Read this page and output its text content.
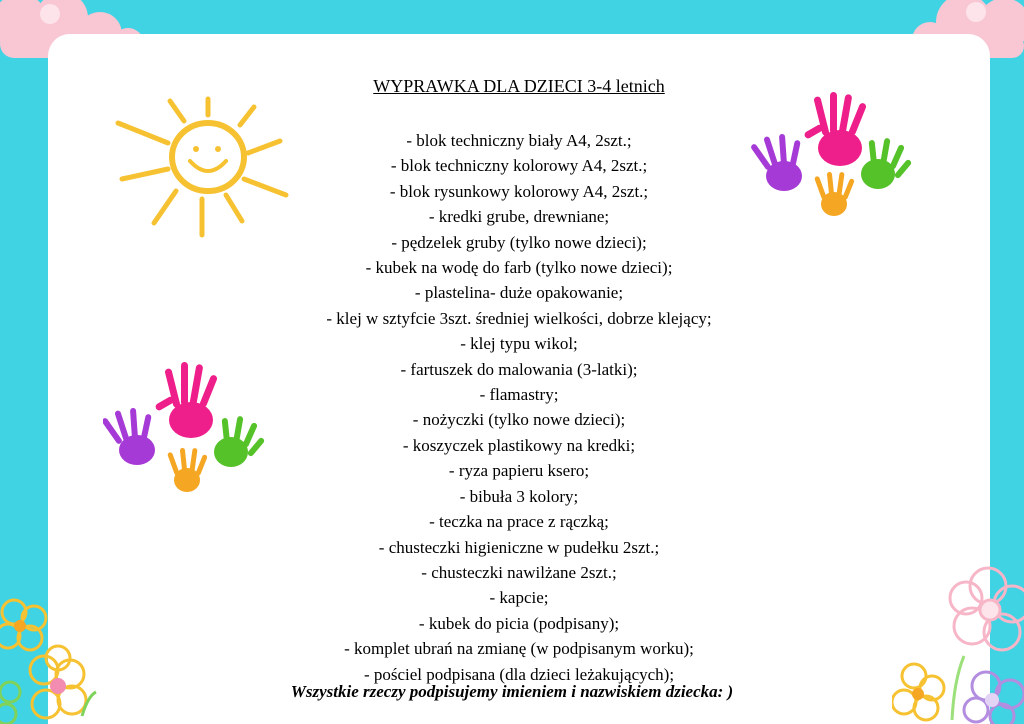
WYPRAWKA DLA DZIECI 3-4 letnich
- blok techniczny biały A4, 2szt.;
- blok techniczny kolorowy A4, 2szt.;
- blok rysunkowy kolorowy A4, 2szt.;
- kredki grube, drewniane;
- pędzelek gruby (tylko nowe dzieci);
- kubek na wodę do farb (tylko nowe dzieci);
- plastelina- duże opakowanie;
- klej w sztyfcie 3szt. średniej wielkości, dobrze klejący;
- klej typu wikol;
- fartuszek do malowania (3-latki);
- flamastry;
- nożyczki (tylko nowe dzieci);
- koszyczek plastikowy na kredki;
- ryza papieru ksero;
- bibuła 3 kolory;
- teczka na prace z rączką;
- chusteczki higieniczne w pudełku 2szt.;
- chusteczki nawilżane 2szt.;
- kapcie;
- kubek do picia (podpisany);
- komplet ubrań na zmianę (w podpisanym worku);
- pościel podpisana (dla dzieci leżakujących);

Wszystkie rzeczy podpisujemy imieniem i nazwiskiem dziecka: )
